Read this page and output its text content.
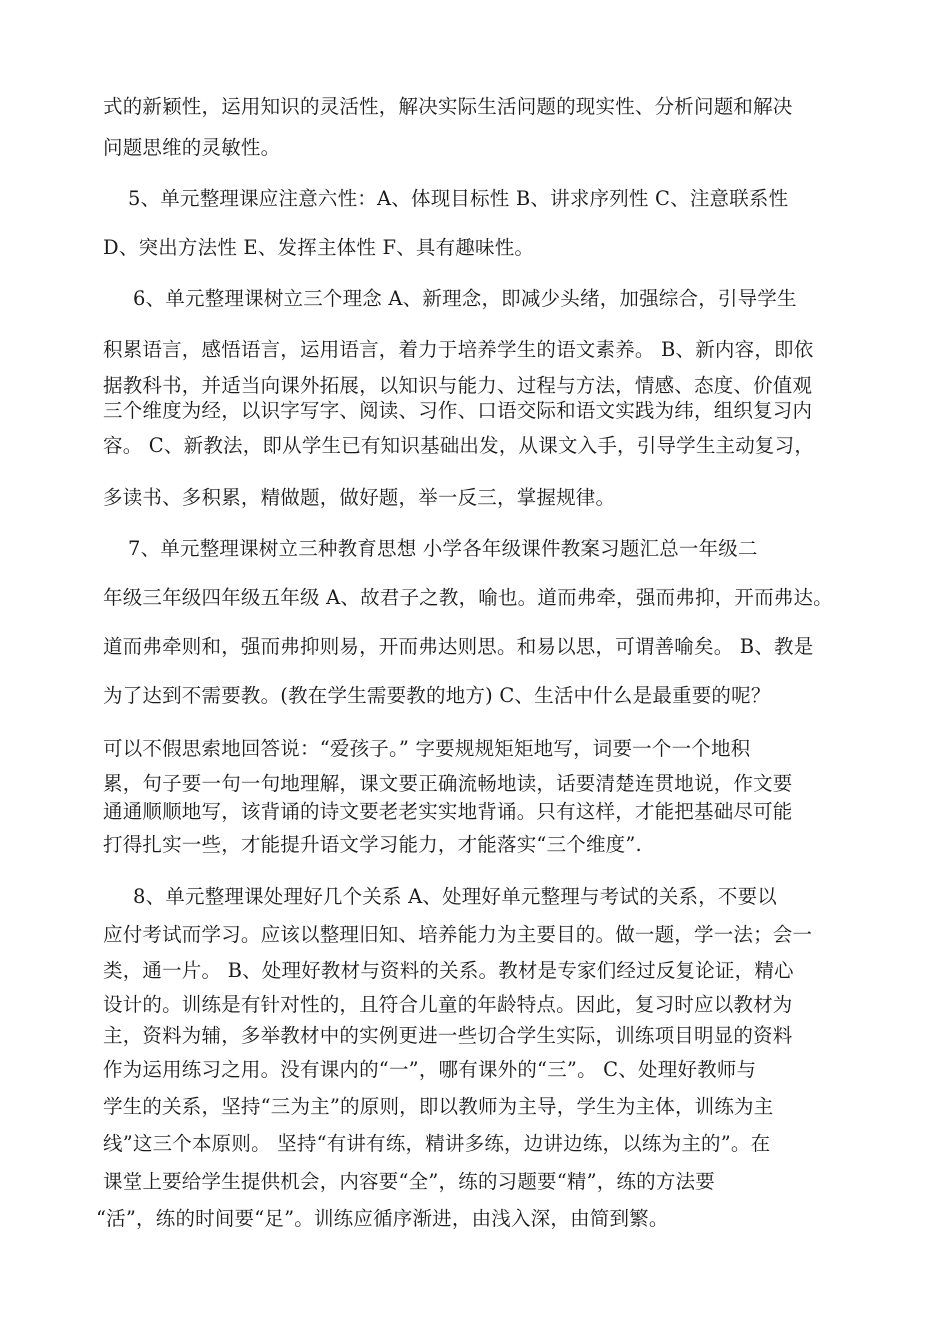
式的新颖性，运用知识的灵活性，解决实际生活问题的现实性、分析问题和解决
问题思维的灵敏性。
5、单元整理课应注意六性：A、体现目标性 B、讲求序列性 C、注意联系性
D、突出方法性 E、发挥主体性 F、具有趣味性。
6、单元整理课树立三个理念 A、新理念，即减少头绪，加强综合，引导学生
积累语言，感悟语言，运用语言，着力于培养学生的语文素养。 B、新内容，即依
据教科书，并适当向课外拓展，以知识与能力、过程与方法，情感、态度、价值观
三个维度为经，以识字写字、阅读、习作、口语交际和语文实践为纬，组织复习内
容。 C、新教法，即从学生已有知识基础出发，从课文入手，引导学生主动复习，
多读书、多积累，精做题，做好题，举一反三，掌握规律。
7、单元整理课树立三种教育思想 小学各年级课件教案习题汇总一年级二
年级三年级四年级五年级 A、故君子之教，喻也。道而弗牵，强而弗抑，开而弗达。
道而弗牵则和，强而弗抑则易，开而弗达则思。和易以思，可谓善喻矣。 B、教是
为了达到不需要教。(教在学生需要教的地方) C、生活中什么是最重要的呢？
可以不假思索地回答说：“爱孩子。” 字要规规矩矩地写，词要一个一个地积
累，句子要一句一句地理解，课文要正确流畅地读，话要清楚连贯地说，作文要
通通顺顺地写，该背诵的诗文要老老实实地背诵。只有这样，才能把基础尽可能
打得扎实一些，才能提升语文学习能力，才能落实“三个维度”.
8、单元整理课处理好几个关系 A、处理好单元整理与考试的关系，不要以
应付考试而学习。应该以整理旧知、培养能力为主要目的。做一题，学一法；会一
类，通一片。 B、处理好教材与资料的关系。教材是专家们经过反复论证，精心
设计的。训练是有针对性的，且符合儿童的年龄特点。因此，复习时应以教材为
主，资料为辅，多举教材中的实例更进一些切合学生实际，训练项目明显的资料
作为运用练习之用。没有课内的“一”，哪有课外的“三”。 C、处理好教师与
学生的关系，坚持“三为主”的原则，即以教师为主导，学生为主体，训练为主
线”这三个本原则。 坚持“有讲有练，精讲多练，边讲边练，以练为主的”。在
课堂上要给学生提供机会，内容要“全”，练的习题要“精”，练的方法要
“活”，练的时间要“足”。训练应循序渐进，由浅入深，由简到繁。
